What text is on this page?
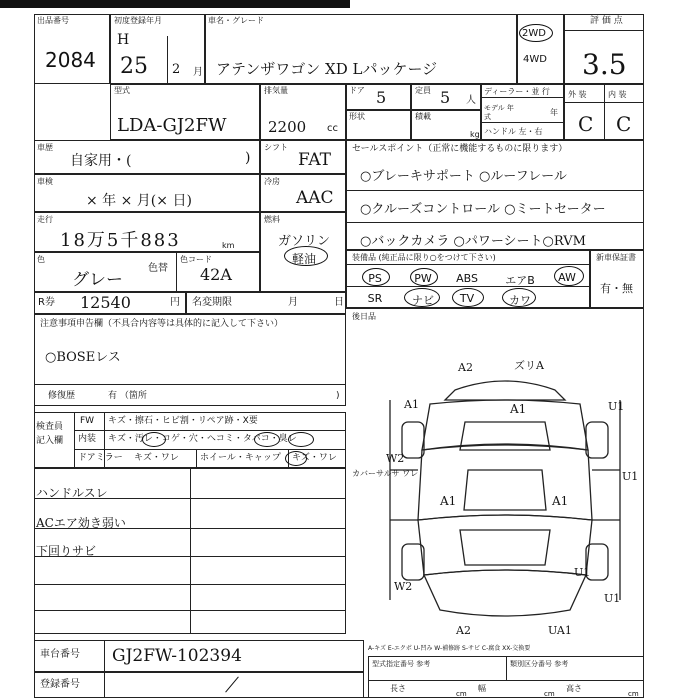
出品番号
2084
初度登録年月
H
25 2 月
車名・グレード
アテンザワゴン XD Lパッケージ
2WD
4WD
評 価 点
3.5
型式
LDA-GJ2FW
排気量
2200 cc
ドア 5	定員 5 人
形状	積載
kg
ディーラー・並 行
モデル 年式	年
ハンドル 左・右
外 装	内 装
C C
車歴
自家用・(	)
シフト
FAT
車検
× 年 × 月(× 日)
冷房
AAC
走行
18万5千883	km
燃料
ガソリン
軽油
色
グレー
色替
色コード
42A
R券 12540	円 名変期限	月	日
セールスポイント（正常に機能するものに限ります）
○ブレーキサポート ○ルーフレール
○クルーズコントロール ○ミートセーター
○バックカメラ ○パワーシート○RVM
装備品 (純正品に限り○をつけて下さい)	新車保証書
有・無
PS	PW	ABS	エアB	AW
SR	ナビ	TV	カワ
後日品
注意事項申告欄（不具合内容等は具体的に記入して下さい）
○BOSEレス
修復歴	有 （箇所	)
検査員 記入欄
FW キズ・擦石・ヒビ割・リペア跡・X要
内装 キズ・汚レ・コゲ・穴・ヘコミ・タバコ・臭レ
ドアミラー キズ・ワレ ホイール・キャップ キズ・ワレ
ハンドルスレ
ACエア効き弱い
下回りサビ
A2	ズリA
A1	A1	U1
W2
A1
カバーサルサ ワレ	U1
A1
U1
W2
U1
A2	UA1
車台番号 GJ2FW-102394
登録番号
A-キズ E-エクボ U-凹み W-補修跡 S-サビ C-腐食 XX-交換要
型式指定番号 参考	類別区分番号 参考
長さ	幅	高さ
cm	cm	cm
